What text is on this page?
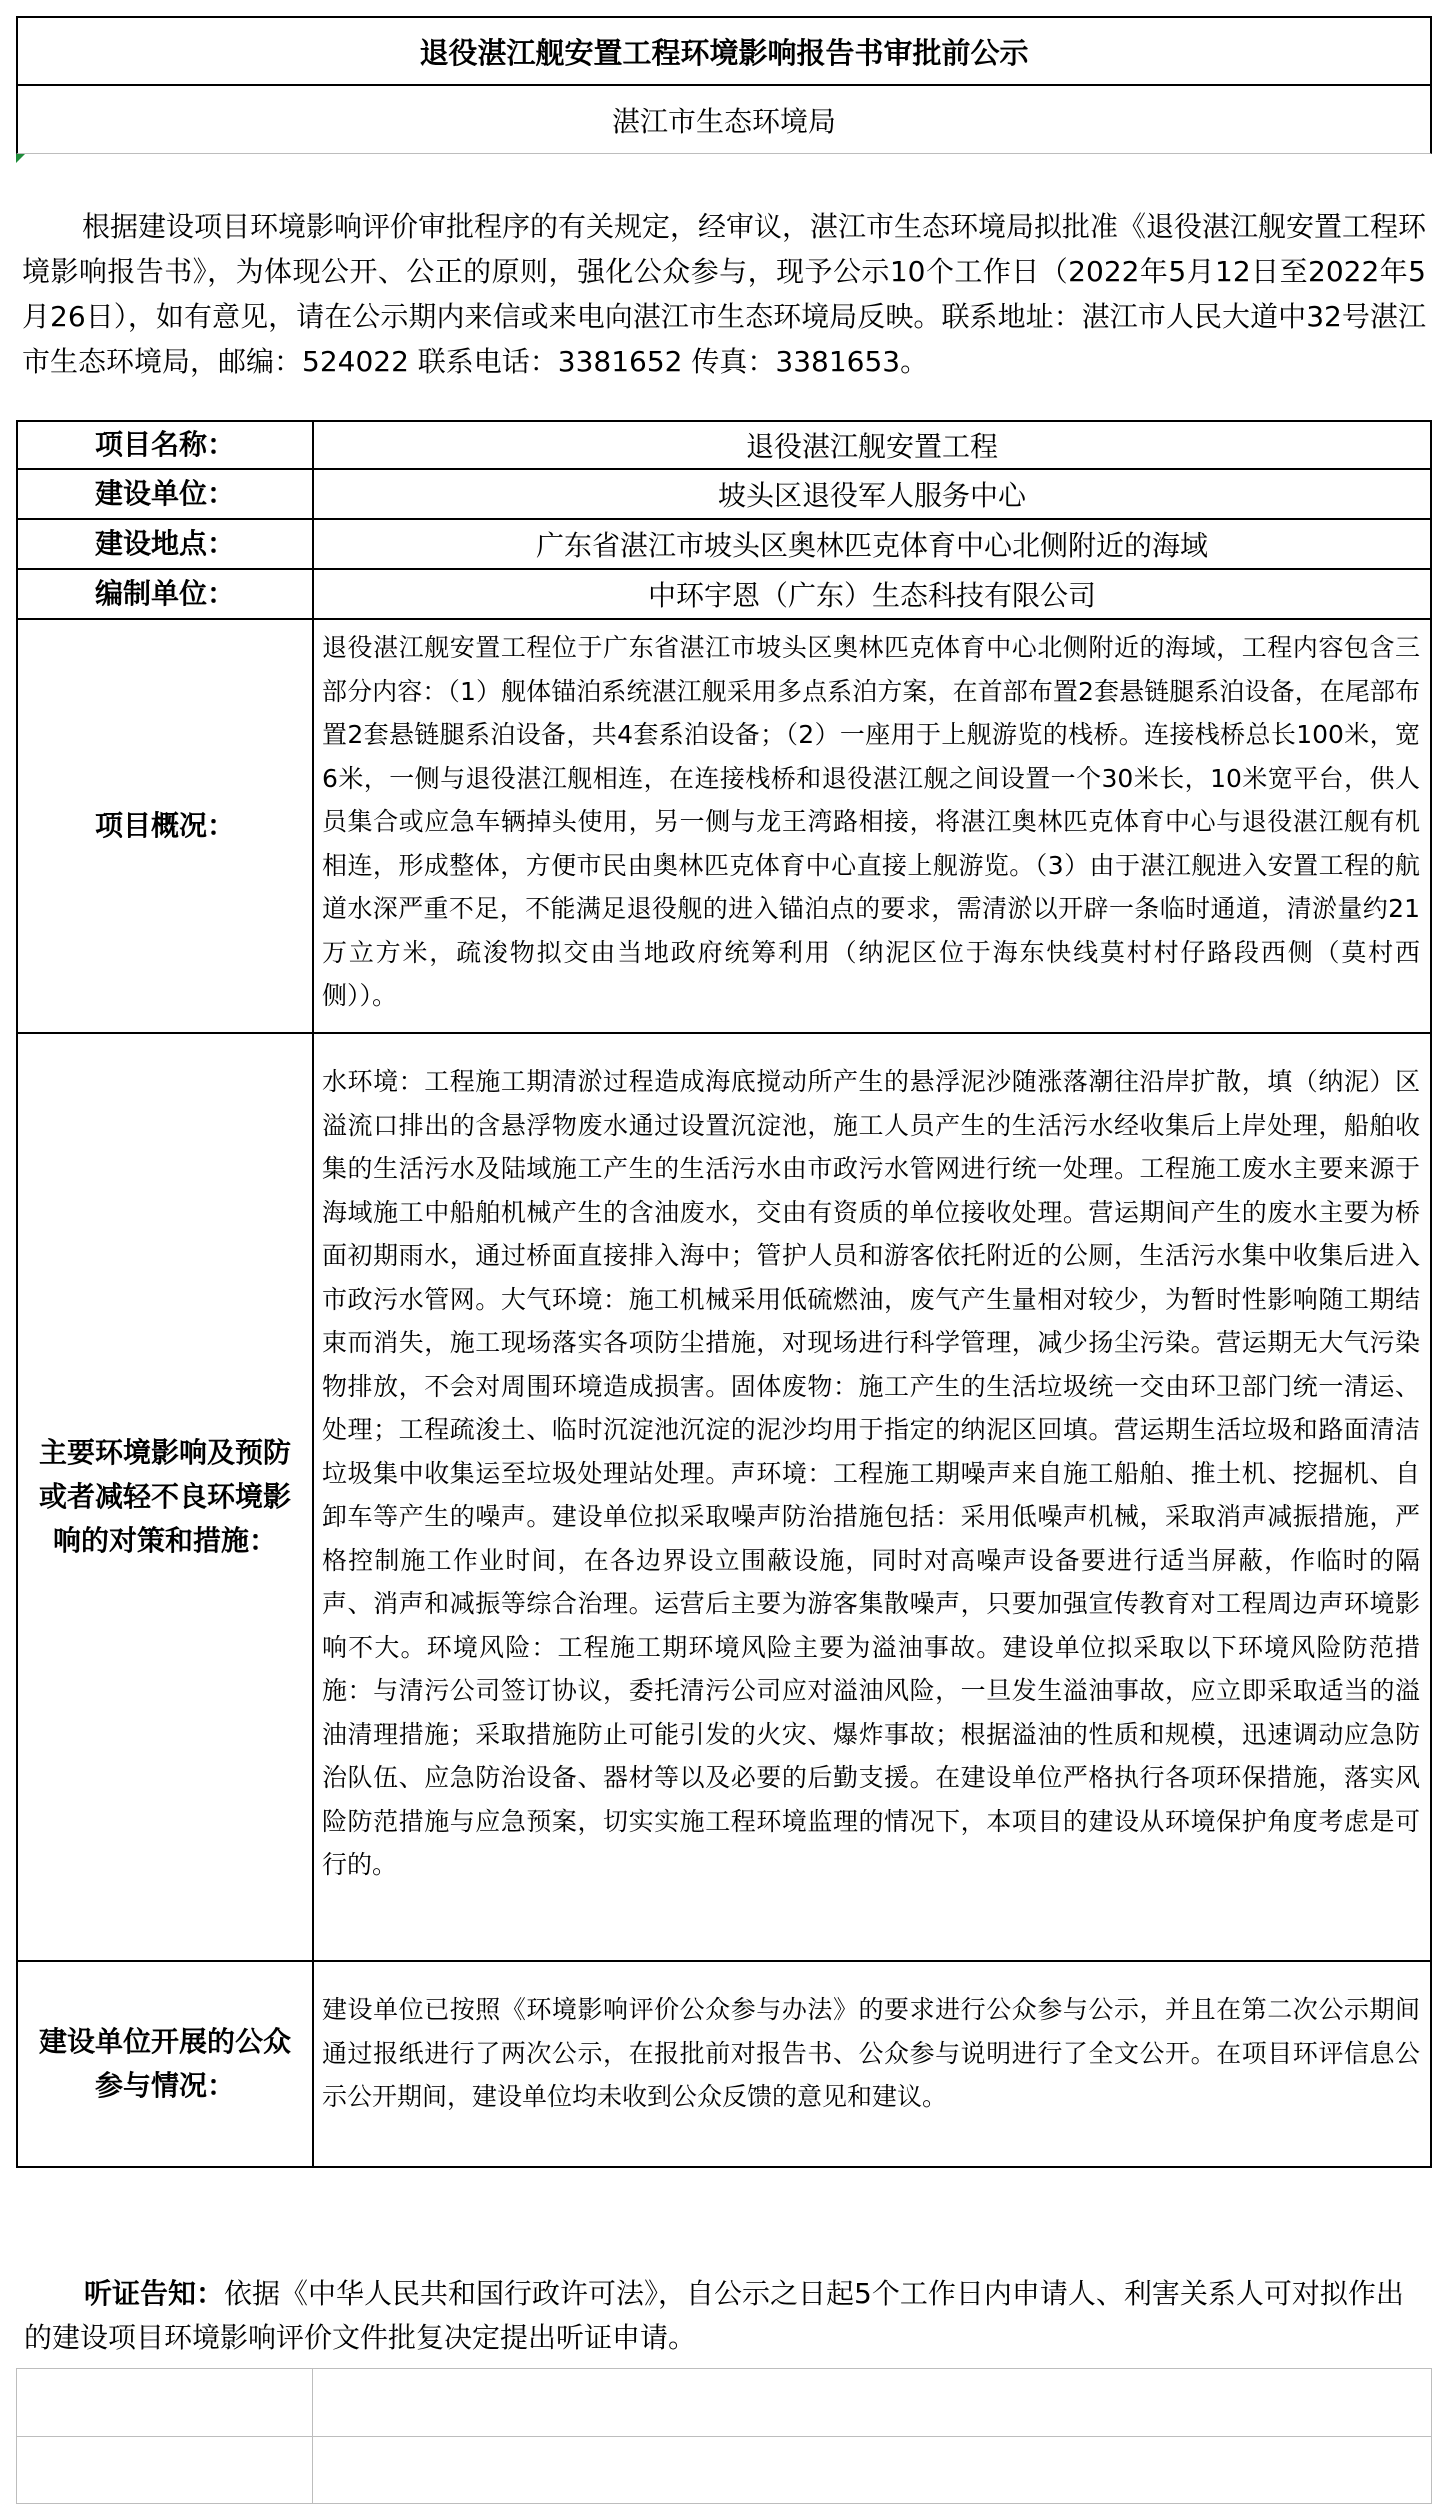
退役湛江舰安置工程环境影响报告书审批前公示
湛江市生态环境局
根据建设项目环境影响评价审批程序的有关规定，经审议，湛江市生态环境局拟批准《退役湛江舰安置工程环境影响报告书》，为体现公开、公正的原则，强化公众参与，现予公示10个工作日（2022年5月12日至2022年5月26日），如有意见，请在公示期内来信或来电向湛江市生态环境局反映。联系地址：湛江市人民大道中32号湛江市生态环境局，邮编：524022 联系电话：3381652 传真：3381653。
项目名称：	退役湛江舰安置工程
建设单位：	坡头区退役军人服务中心
建设地点：	广东省湛江市坡头区奥林匹克体育中心北侧附近的海域
编制单位：	中环宇恩（广东）生态科技有限公司
项目概况：
退役湛江舰安置工程位于广东省湛江市坡头区奥林匹克体育中心北侧附近的海域，工程内容包含三部分内容：（1）舰体锚泊系统湛江舰采用多点系泊方案，在首部布置2套悬链腿系泊设备，在尾部布置2套悬链腿系泊设备，共4套系泊设备；（2）一座用于上舰游览的栈桥。连接栈桥总长100米，宽6米，一侧与退役湛江舰相连，在连接栈桥和退役湛江舰之间设置一个30米长，10米宽平台，供人员集合或应急车辆掉头使用，另一侧与龙王湾路相接，将湛江奥林匹克体育中心与退役湛江舰有机相连，形成整体，方便市民由奥林匹克体育中心直接上舰游览。（3）由于湛江舰进入安置工程的航道水深严重不足，不能满足退役舰的进入锚泊点的要求，需清淤以开辟一条临时通道，清淤量约21万立方米，疏浚物拟交由当地政府统筹利用（纳泥区位于海东快线莫村村仔路段西侧（莫村西侧））。
主要环境影响及预防或者减轻不良环境影响的对策和措施：
水环境：工程施工期清淤过程造成海底搅动所产生的悬浮泥沙随涨落潮往沿岸扩散，填（纳泥）区溢流口排出的含悬浮物废水通过设置沉淀池，施工人员产生的生活污水经收集后上岸处理，船舶收集的生活污水及陆域施工产生的生活污水由市政污水管网进行统一处理。工程施工废水主要来源于海域施工中船舶机械产生的含油废水，交由有资质的单位接收处理。营运期间产生的废水主要为桥面初期雨水，通过桥面直接排入海中；管护人员和游客依托附近的公厕，生活污水集中收集后进入市政污水管网。大气环境：施工机械采用低硫燃油，废气产生量相对较少，为暂时性影响随工期结束而消失，施工现场落实各项防尘措施，对现场进行科学管理，减少扬尘污染。营运期无大气污染物排放，不会对周围环境造成损害。固体废物：施工产生的生活垃圾统一交由环卫部门统一清运、处理；工程疏浚土、临时沉淀池沉淀的泥沙均用于指定的纳泥区回填。营运期生活垃圾和路面清洁垃圾集中收集运至垃圾处理站处理。声环境：工程施工期噪声来自施工船舶、推土机、挖掘机、自卸车等产生的噪声。建设单位拟采取噪声防治措施包括：采用低噪声机械，采取消声减振措施，严格控制施工作业时间，在各边界设立围蔽设施，同时对高噪声设备要进行适当屏蔽，作临时的隔声、消声和减振等综合治理。运营后主要为游客集散噪声，只要加强宣传教育对工程周边声环境影响不大。环境风险：工程施工期环境风险主要为溢油事故。建设单位拟采取以下环境风险防范措施：与清污公司签订协议，委托清污公司应对溢油风险，一旦发生溢油事故，应立即采取适当的溢油清理措施；采取措施防止可能引发的火灾、爆炸事故；根据溢油的性质和规模，迅速调动应急防治队伍、应急防治设备、器材等以及必要的后勤支援。在建设单位严格执行各项环保措施，落实风险防范措施与应急预案，切实实施工程环境监理的情况下，本项目的建设从环境保护角度考虑是可行的。
建设单位开展的公众参与情况：
建设单位已按照《环境影响评价公众参与办法》的要求进行公众参与公示，并且在第二次公示期间通过报纸进行了两次公示，在报批前对报告书、公众参与说明进行了全文公开。在项目环评信息公示公开期间，建设单位均未收到公众反馈的意见和建议。
听证告知：依据《中华人民共和国行政许可法》，自公示之日起5个工作日内申请人、利害关系人可对拟作出的建设项目环境影响评价文件批复决定提出听证申请。
